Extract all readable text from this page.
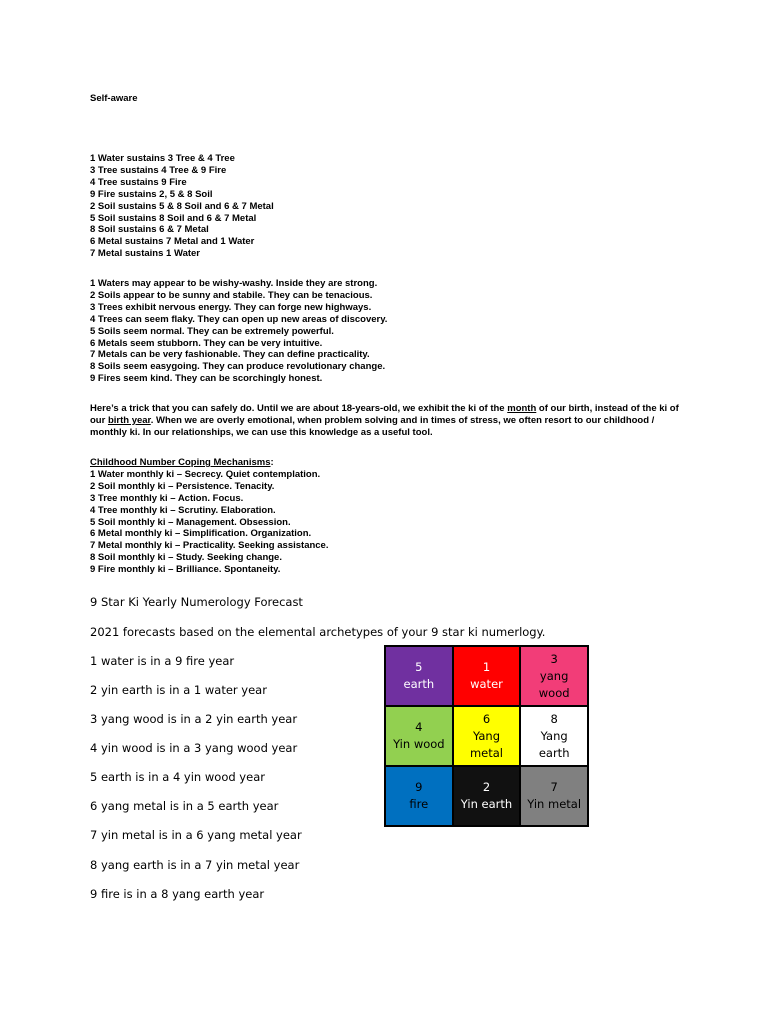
Self-aware
1 Water sustains 3 Tree & 4 Tree
3 Tree sustains 4 Tree & 9 Fire
4 Tree sustains 9 Fire
9 Fire sustains 2, 5 & 8 Soil
2 Soil sustains 5 & 8 Soil and 6 & 7 Metal
5 Soil sustains 8 Soil and 6 & 7 Metal
8 Soil sustains 6 & 7 Metal
6 Metal sustains 7 Metal and 1 Water
7 Metal sustains 1 Water
1 Waters may appear to be wishy-washy. Inside they are strong.
2 Soils appear to be sunny and stabile. They can be tenacious.
3 Trees exhibit nervous energy. They can forge new highways.
4 Trees can seem flaky. They can open up new areas of discovery.
5 Soils seem normal. They can be extremely powerful.
6 Metals seem stubborn. They can be very intuitive.
7 Metals can be very fashionable. They can define practicality.
8 Soils seem easygoing. They can produce revolutionary change.
9 Fires seem kind. They can be scorchingly honest.
Here’s a trick that you can safely do. Until we are about 18-years-old, we exhibit the ki of the month of our birth, instead of the ki of our birth year. When we are overly emotional, when problem solving and in times of stress, we often resort to our childhood / monthly ki. In our relationships, we can use this knowledge as a useful tool.
Childhood Number Coping Mechanisms:
1 Water monthly ki – Secrecy. Quiet contemplation.
2 Soil monthly ki – Persistence. Tenacity.
3 Tree monthly ki – Action. Focus.
4 Tree monthly ki – Scrutiny. Elaboration.
5 Soil monthly ki – Management. Obsession.
6 Metal monthly ki – Simplification. Organization.
7 Metal monthly ki – Practicality. Seeking assistance.
8 Soil monthly ki – Study. Seeking change.
9 Fire monthly ki – Brilliance. Spontaneity.
9 Star Ki Yearly Numerology Forecast
2021 forecasts based on the elemental archetypes of your 9 star ki numerlogy.
1 water is in a 9 fire year
2 yin earth is in a 1 water year
3 yang wood is in a 2 yin earth year
4 yin wood is in a 3 yang wood year
5 earth is in a 4 yin wood year
6 yang metal is in a 5 earth year
7 yin metal is in a 6 yang metal year
8 yang earth is in a 7 yin metal year
9 fire is in a 8 yang earth year
5
earth
1
water
3
yang wood
4
Yin wood
6
Yang metal
8
Yang earth
9
fire
2
Yin earth
7
Yin metal
